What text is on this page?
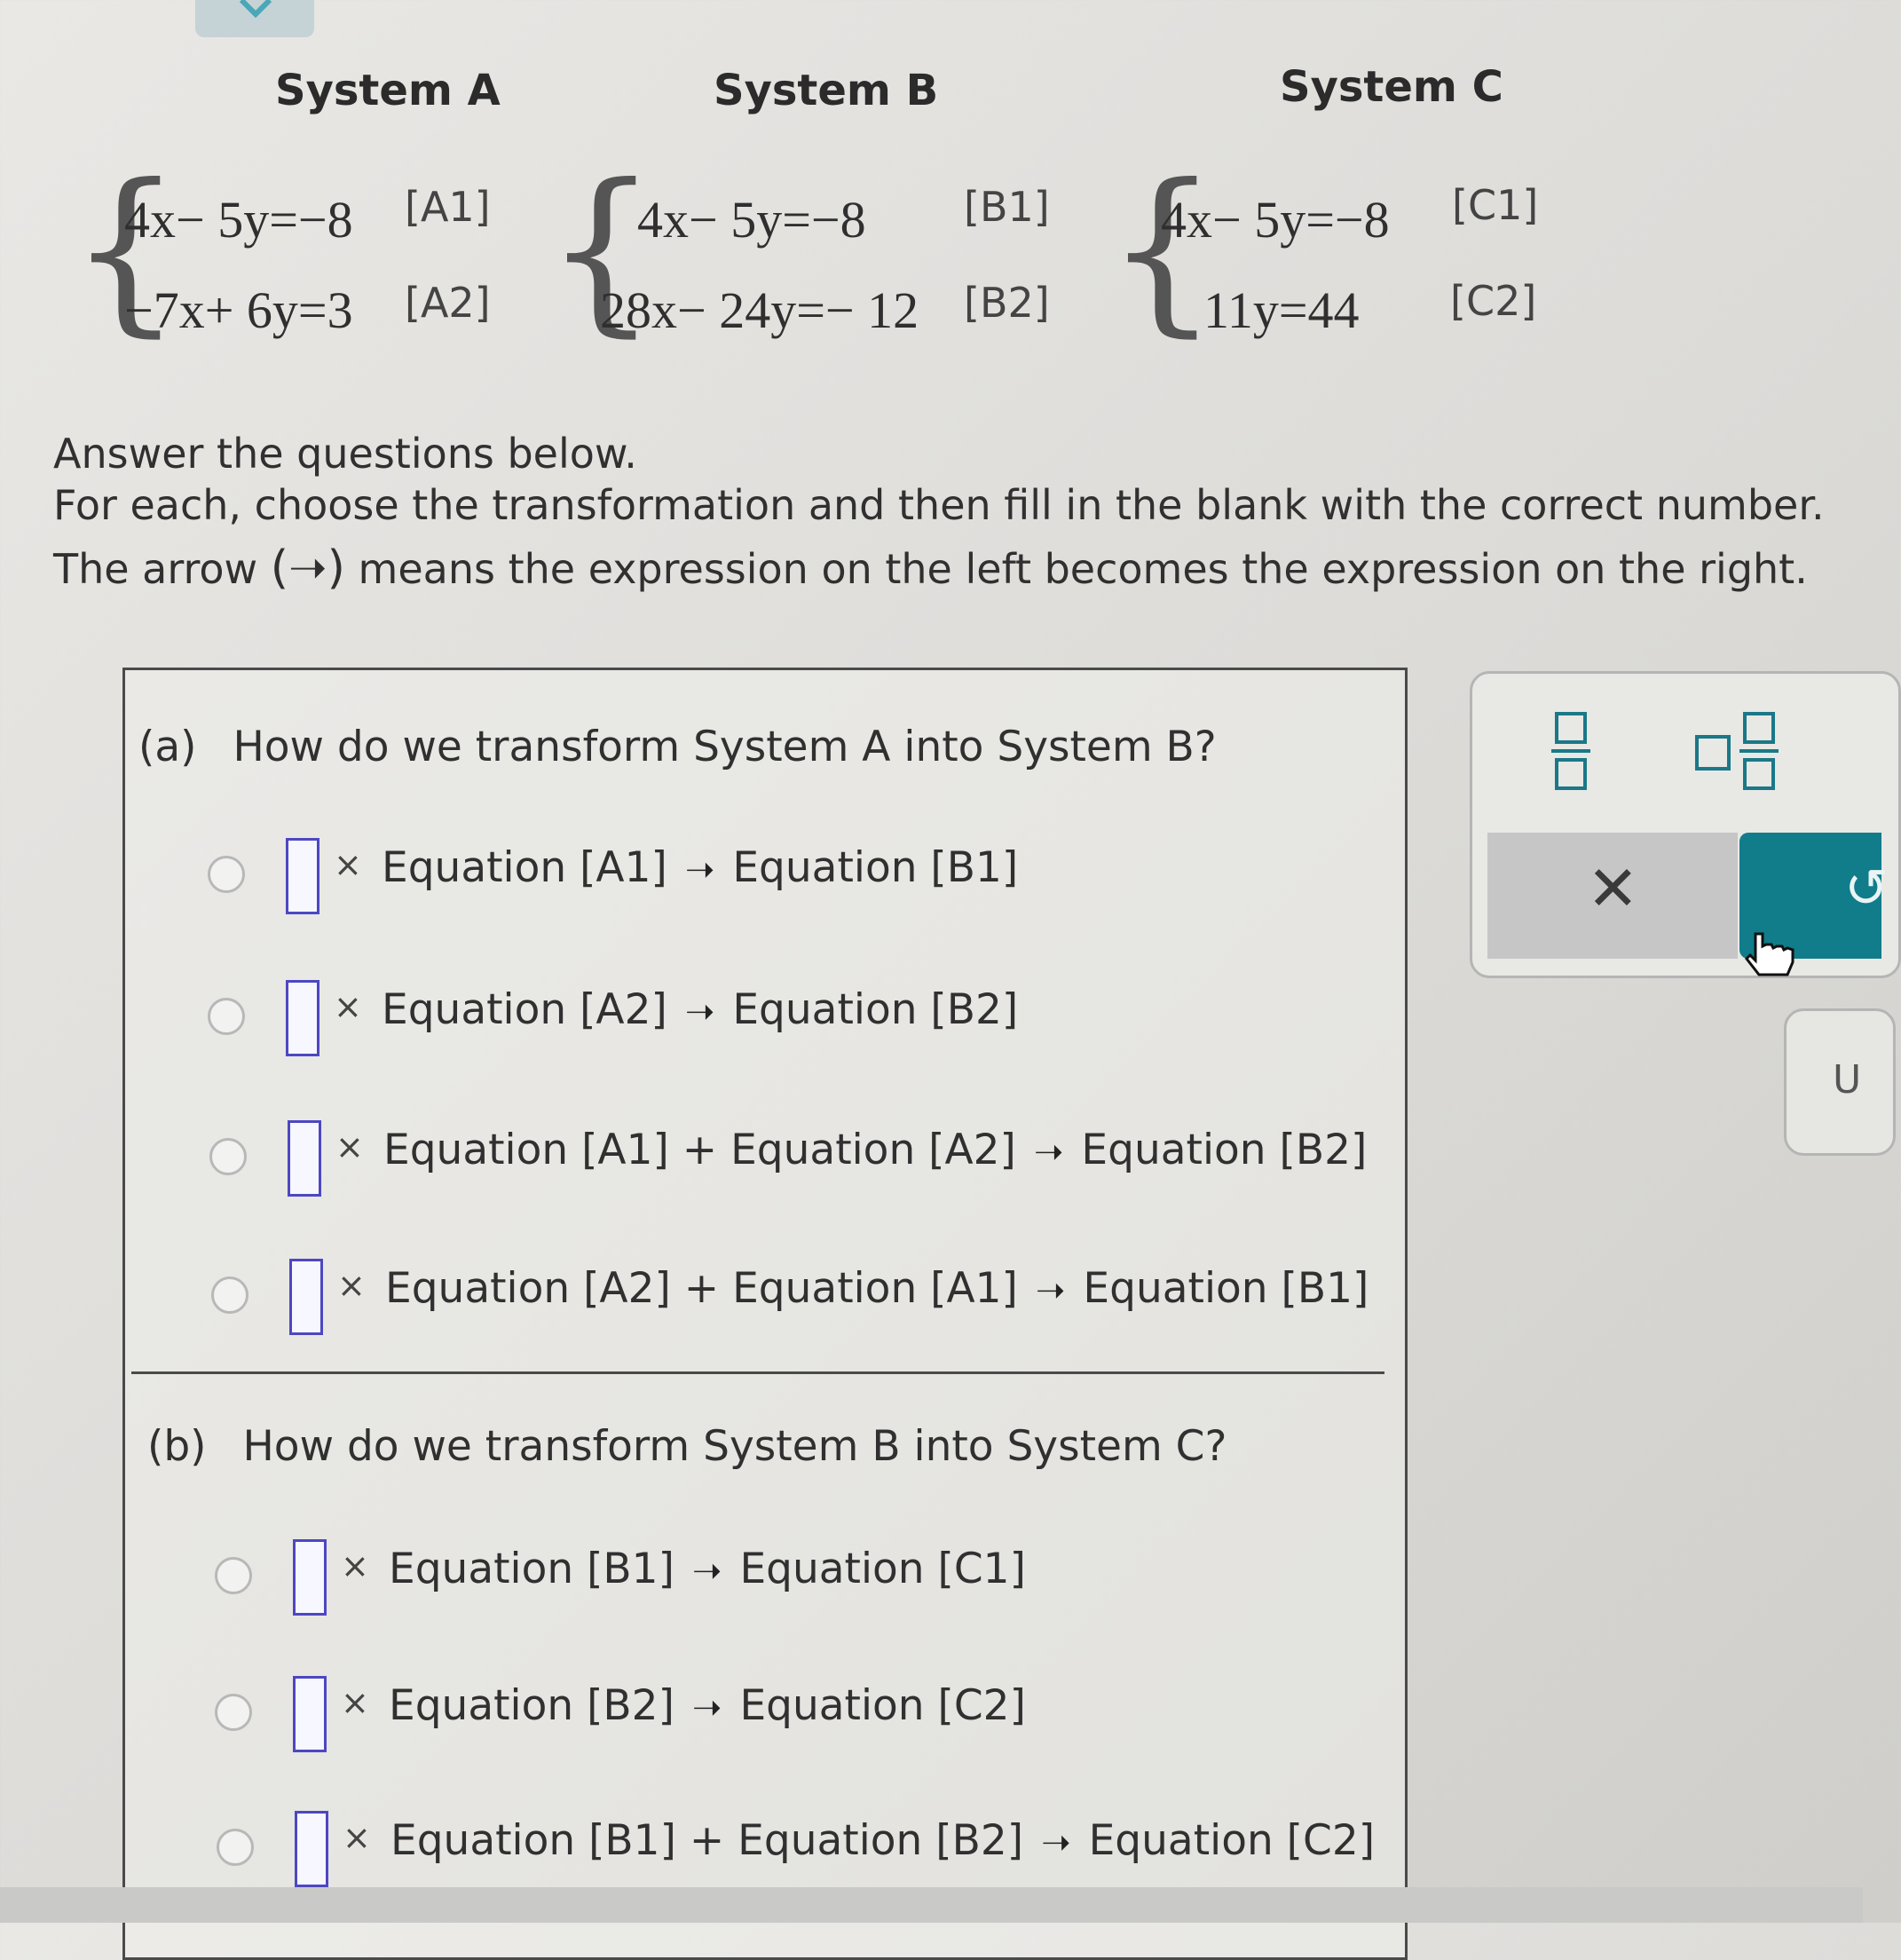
System A	System B	System C
{
4x− 5y=−8 [A1]
−7x+ 6y=3 [A2] {
4x− 5y=−8 [B1]
28x− 24y=− 12 [B2] {
4x− 5y=−8 [C1]
11y=44 [C2]
Answer the questions below.
For each, choose the transformation and then fill in the blank with the correct number.
The arrow (➝) means the expression on the left becomes the expression on the right.
(a) How do we transform System A into System B?
× Equation [A1] ➝ Equation [B1]
× Equation [A2] ➝ Equation [B2]
× Equation [A1] + Equation [A2] ➝ Equation [B2]
× Equation [A2] + Equation [A1] ➝ Equation [B1]
(b) How do we transform System B into System C?
× Equation [B1] ➝ Equation [C1]
× Equation [B2] ➝ Equation [C2]
× Equation [B1] + Equation [B2] ➝ Equation [C2]
✕	↺
U
